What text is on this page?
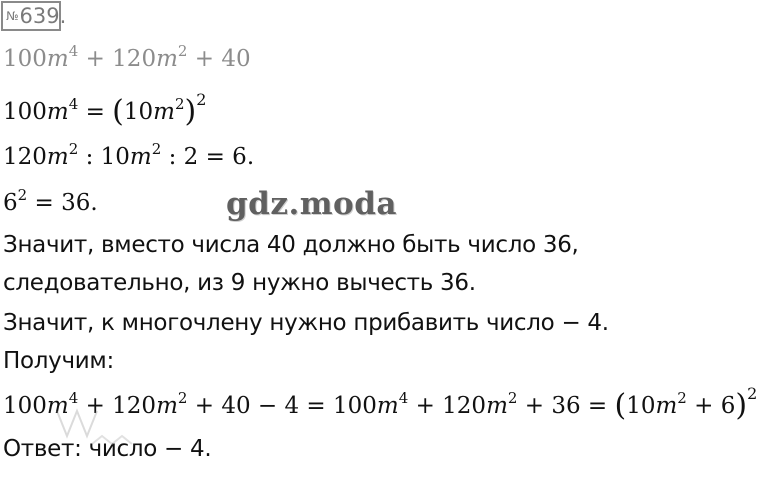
№639.
$100m^4 + 120m^2 + 40$
$100m^4 = (10m^2)^2$
$120m^2$ : $10m^2$ : 2 = 6.
$6^2 = 36$.	gdz.moda
Значит, вместо числа 40 должно быть число 36,
следовательно, из 9 нужно вычесть 36.
Значит, к многочлену нужно прибавить число − 4.
Получим:
$100m^4 + 120m^2 + 40 - 4 = 100m^4 + 120m^2 + 36 = (10m^2 + 6)^2$
Ответ: число − 4.
